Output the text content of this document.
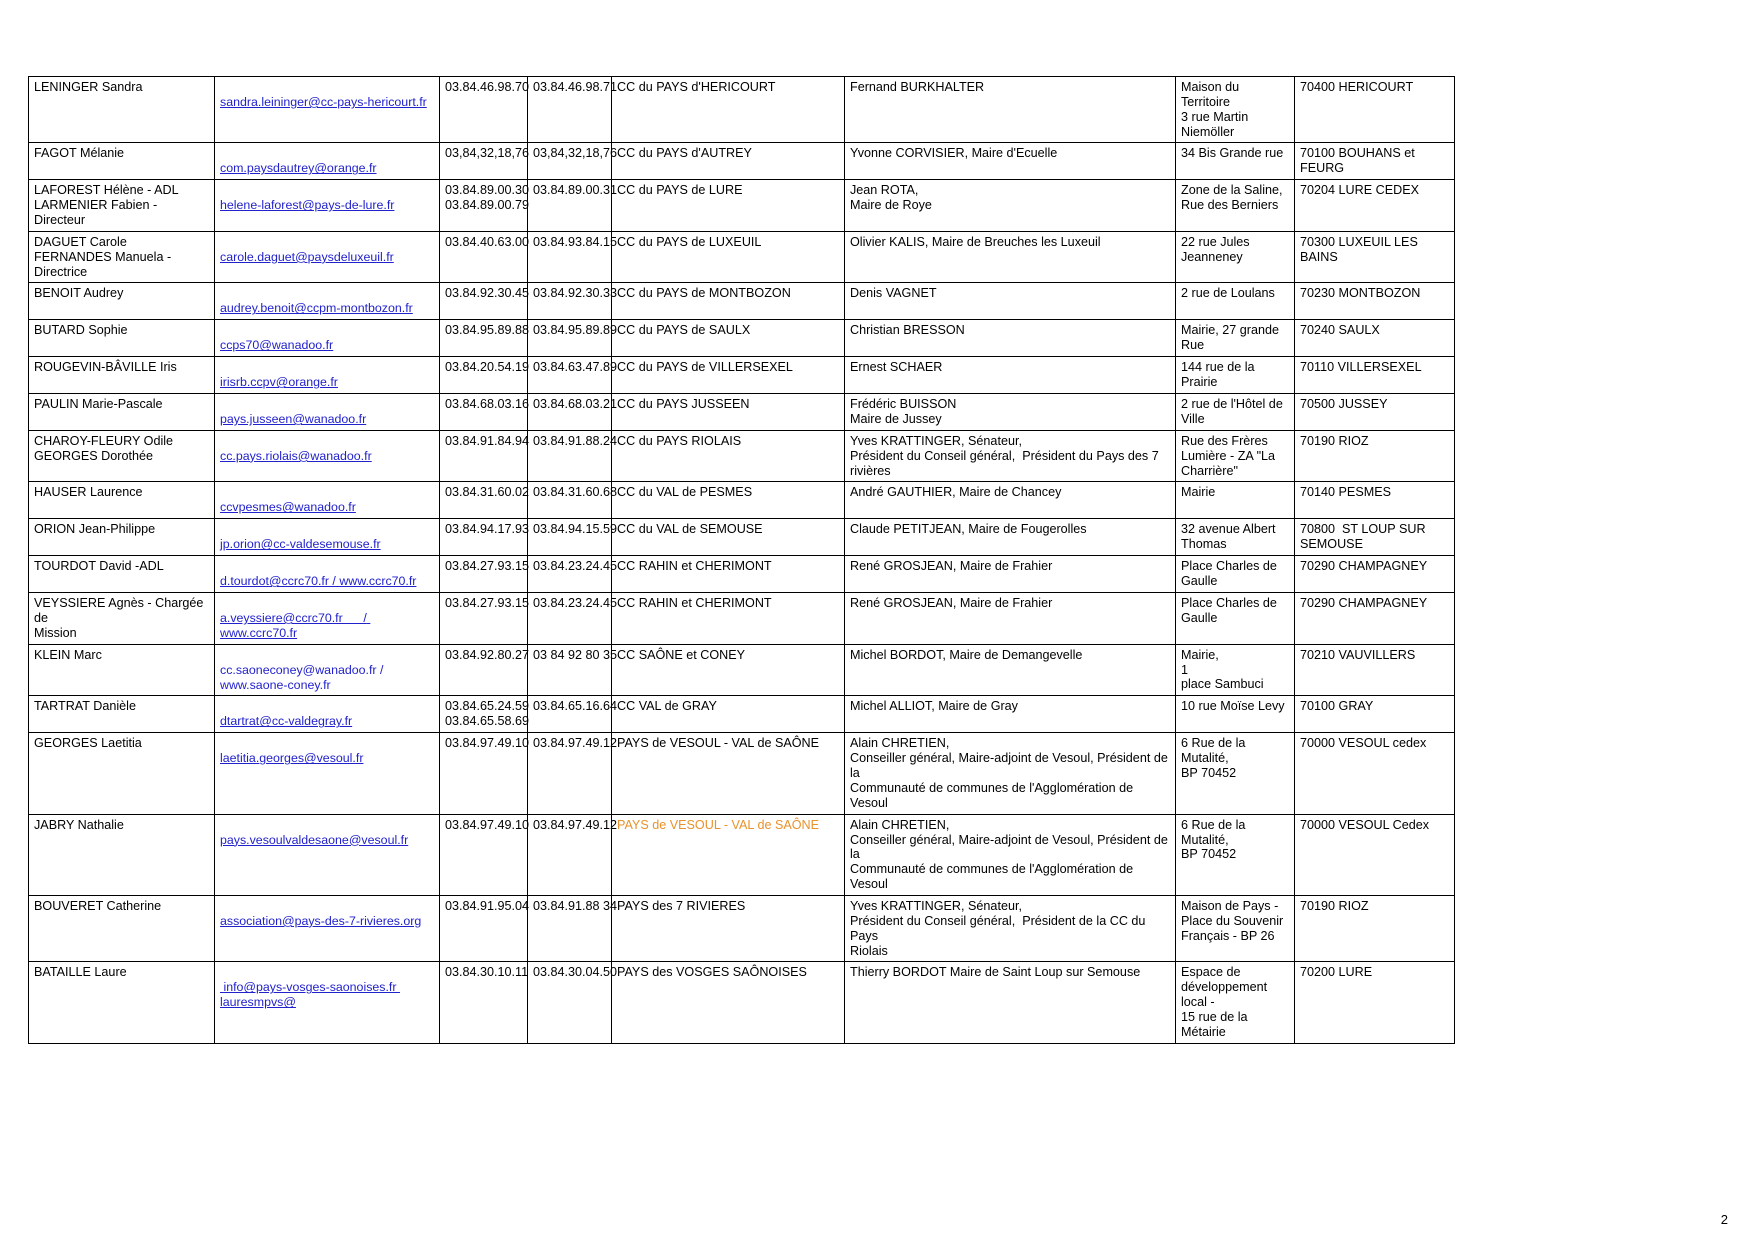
LENINGER Sandra	sandra.leininger@cc-pays-hericourt.fr	03.84.46.98.70	03.84.46.98.71	CC du PAYS d'HERICOURT	Fernand BURKHALTER	Maison du Territoire
3 rue Martin Niemöller	70400 HERICOURT

FAGOT Mélanie	com.paysdautrey@orange.fr	03,84,32,18,76	03,84,32,18,76	CC du PAYS d'AUTREY	Yvonne CORVISIER, Maire d'Ecuelle	34 Bis Grande rue	70100 BOUHANS et
FEURG

LAFOREST Hélène - ADL
LARMENIER Fabien - Directeur	helene-laforest@pays-de-lure.fr	03.84.89.00.30
03.84.89.00.79	03.84.89.00.31	CC du PAYS de LURE	Jean ROTA,
Maire de Roye	Zone de la Saline,
Rue des Berniers	70204 LURE CEDEX

DAGUET Carole
FERNANDES Manuela -
Directrice	carole.daguet@paysdeluxeuil.fr	03.84.40.63.00	03.84.93.84.15	CC du PAYS de LUXEUIL	Olivier KALIS, Maire de Breuches les Luxeuil	22 rue Jules
Jeanneney	70300 LUXEUIL LES
BAINS

BENOIT Audrey	audrey.benoit@ccpm-montbozon.fr	03.84.92.30.45	03.84.92.30.33	CC du PAYS de MONTBOZON	Denis VAGNET	2 rue de Loulans	70230 MONTBOZON

BUTARD Sophie	ccps70@wanadoo.fr	03.84.95.89.88	03.84.95.89.89	CC du PAYS de SAULX	Christian BRESSON	Mairie, 27 grande
Rue	70240 SAULX

ROUGEVIN-BÂVILLE Iris	irisrb.ccpv@orange.fr	03.84.20.54.19	03.84.63.47.89	CC du PAYS de VILLERSEXEL	Ernest SCHAER	144 rue de la Prairie	70110 VILLERSEXEL

PAULIN Marie-Pascale	pays.jusseen@wanadoo.fr	03.84.68.03.16	03.84.68.03.21	CC du PAYS JUSSEEN	Frédéric BUISSON
Maire de Jussey	2 rue de l'Hôtel de
Ville	70500 JUSSEY

CHAROY-FLEURY Odile
GEORGES Dorothée	cc.pays.riolais@wanadoo.fr	03.84.91.84.94	03.84.91.88.24	CC du PAYS RIOLAIS	Yves KRATTINGER, Sénateur,
Président du Conseil général,  Président du Pays des 7
rivières	Rue des Frères
Lumière - ZA "La
Charrière"	70190 RIOZ

HAUSER Laurence	ccvpesmes@wanadoo.fr	03.84.31.60.02	03.84.31.60.68	CC du VAL de PESMES	André GAUTHIER, Maire de Chancey	Mairie	70140 PESMES

ORION Jean-Philippe	jp.orion@cc-valdesemouse.fr	03.84.94.17.93	03.84.94.15.59	CC du VAL de SEMOUSE	Claude PETITJEAN, Maire de Fougerolles	32 avenue Albert
Thomas	70800  ST LOUP SUR
SEMOUSE

TOURDOT David -ADL	d.tourdot@ccrc70.fr / www.ccrc70.fr	03.84.27.93.15	03.84.23.24.45	CC RAHIN et CHERIMONT	René GROSJEAN, Maire de Frahier	Place Charles de
Gaulle	70290 CHAMPAGNEY

VEYSSIERE Agnès - Chargée de
Mission	a.veyssiere@ccrc70.fr      / www.ccrc70.fr	03.84.27.93.15	03.84.23.24.45	CC RAHIN et CHERIMONT	René GROSJEAN, Maire de Frahier	Place Charles de
Gaulle	70290 CHAMPAGNEY

KLEIN Marc	cc.saoneconey@wanadoo.fr / www.saone-coney.fr	03.84.92.80.27	03 84 92 80 35	CC SAÔNE et CONEY	Michel BORDOT, Maire de Demangevelle	Mairie,                    1
place Sambuci	70210 VAUVILLERS

TARTRAT Danièle	dtartrat@cc-valdegray.fr	03.84.65.24.59
03.84.65.58.69	03.84.65.16.64	CC VAL de GRAY	Michel ALLIOT, Maire de Gray	10 rue Moïse Levy	70100 GRAY

GEORGES Laetitia	laetitia.georges@vesoul.fr	03.84.97.49.10	03.84.97.49.12	PAYS de VESOUL - VAL de SAÔNE	Alain CHRETIEN,
Conseiller général, Maire-adjoint de Vesoul, Président de la
Communauté de communes de l'Agglomération de Vesoul	6 Rue de la Mutalité,
BP 70452	70000 VESOUL cedex

JABRY Nathalie	pays.vesoulvaldesaone@vesoul.fr	03.84.97.49.10	03.84.97.49.12	PAYS de VESOUL - VAL de SAÔNE	Alain CHRETIEN,
Conseiller général, Maire-adjoint de Vesoul, Président de la
Communauté de communes de l'Agglomération de Vesoul	6 Rue de la Mutalité,
BP 70452	70000 VESOUL Cedex

BOUVERET Catherine	association@pays-des-7-rivieres.org	03.84.91.95.04	03.84.91.88 34	PAYS des 7 RIVIERES	Yves KRATTINGER, Sénateur,
Président du Conseil général,  Président de la CC du Pays
Riolais	Maison de Pays -
Place du Souvenir
Français - BP 26	70190 RIOZ

BATAILLE Laure	info@pays-vosges-saonoises.fr lauresmpvs@	03.84.30.10.11	03.84.30.04.50	PAYS des VOSGES SAÔNOISES	Thierry BORDOT Maire de Saint Loup sur Semouse	Espace de
développement local -
15 rue de la Métairie	70200 LURE
2
